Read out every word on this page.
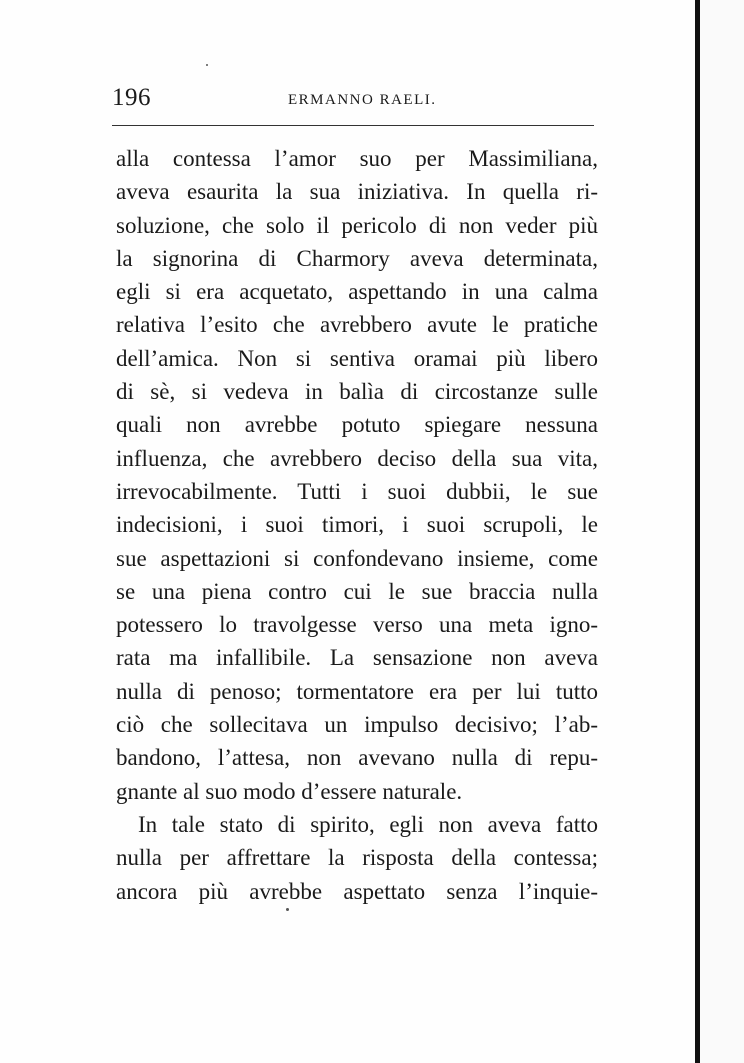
196	ERMANNO RAELI.
alla contessa l’amor suo per Massimiliana,
aveva esaurita la sua iniziativa. In quella ri-
soluzione, che solo il pericolo di non veder più
la signorina di Charmory aveva determinata,
egli si era acquetato, aspettando in una calma
relativa l’esito che avrebbero avute le pratiche
dell’amica. Non si sentiva oramai più libero
di sè, si vedeva in balìa di circostanze sulle
quali non avrebbe potuto spiegare nessuna
influenza, che avrebbero deciso della sua vita,
irrevocabilmente. Tutti i suoi dubbii, le sue
indecisioni, i suoi timori, i suoi scrupoli, le
sue aspettazioni si confondevano insieme, come
se una piena contro cui le sue braccia nulla
potessero lo travolgesse verso una meta igno-
rata ma infallibile. La sensazione non aveva
nulla di penoso; tormentatore era per lui tutto
ciò che sollecitava un impulso decisivo; l’ab-
bandono, l’attesa, non avevano nulla di repu-
gnante al suo modo d’essere naturale.
In tale stato di spirito, egli non aveva fatto
nulla per affrettare la risposta della contessa;
ancora più avrebbe aspettato senza l’inquie-
